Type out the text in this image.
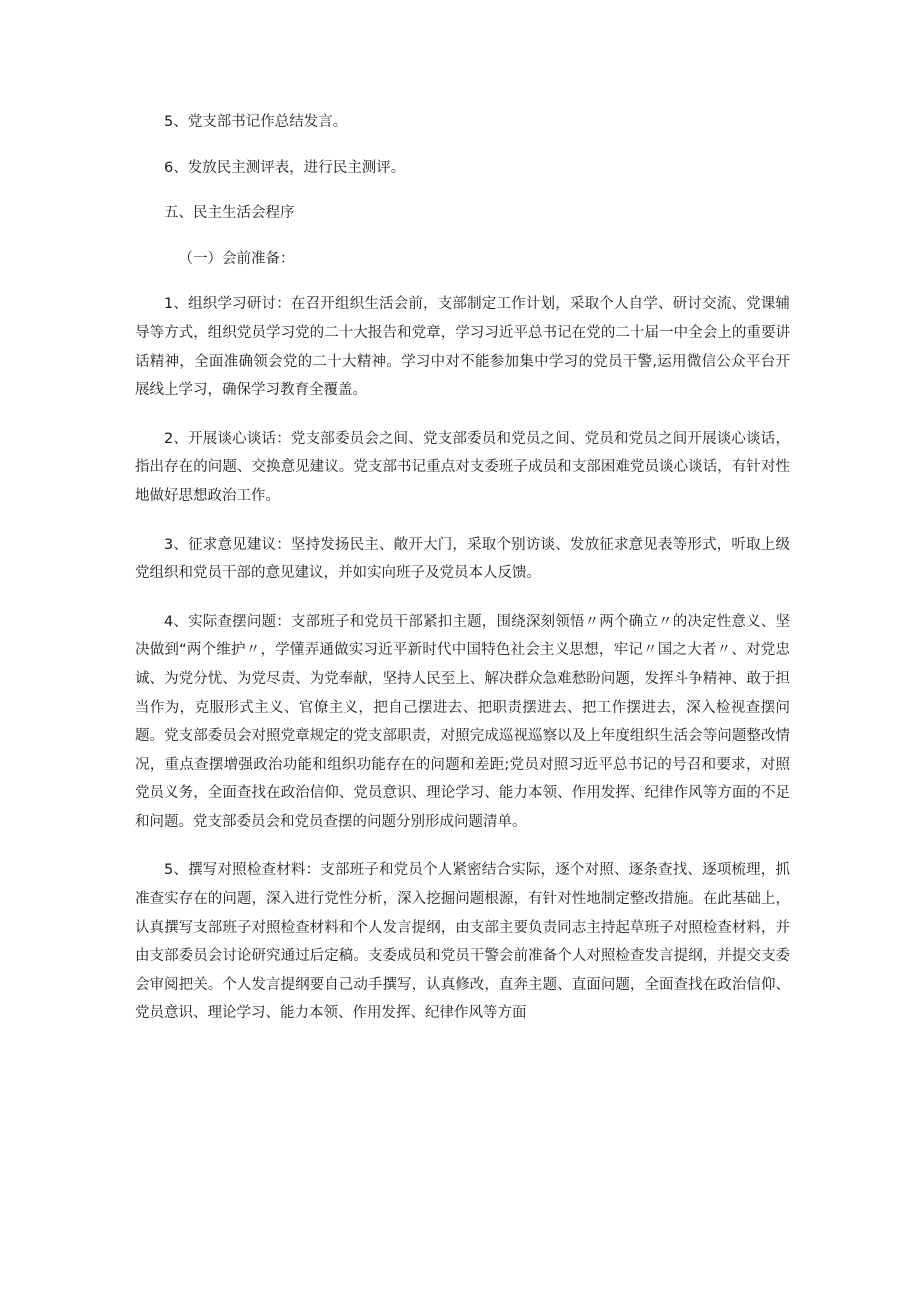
5、党支部书记作总结发言。

6、发放民主测评表，进行民主测评。

五、民主生活会程序

（一）会前准备：

1、组织学习研讨：在召开组织生活会前，支部制定工作计划，采取个人自学、研讨交流、党课辅导等方式，组织党员学习党的二十大报告和党章，学习习近平总书记在党的二十届一中全会上的重要讲话精神，全面准确领会党的二十大精神。学习中对不能参加集中学习的党员干警,运用微信公众平台开展线上学习，确保学习教育全覆盖。

2、开展谈心谈话：党支部委员会之间、党支部委员和党员之间、党员和党员之间开展谈心谈话，指出存在的问题、交换意见建议。党支部书记重点对支委班子成员和支部困难党员谈心谈话，有针对性地做好思想政治工作。

3、征求意见建议：坚持发扬民主、敞开大门，采取个别访谈、发放征求意见表等形式，听取上级党组织和党员干部的意见建议，并如实向班子及党员本人反馈。

4、实际查摆问题：支部班子和党员干部紧扣主题，围绕深刻领悟〃两个确立〃的决定性意义、坚决做到“两个维护〃，学懂弄通做实习近平新时代中国特色社会主义思想，牢记〃国之大者〃、对党忠诚、为党分忧、为党尽责、为党奉献，坚持人民至上、解决群众急难愁盼问题，发挥斗争精神、敢于担当作为，克服形式主义、官僚主义，把自己摆进去、把职责摆进去、把工作摆进去，深入检视查摆问题。党支部委员会对照党章规定的党支部职责，对照完成巡视巡察以及上年度组织生活会等问题整改情况，重点查摆增强政治功能和组织功能存在的问题和差距;党员对照习近平总书记的号召和要求，对照党员义务，全面查找在政治信仰、党员意识、理论学习、能力本领、作用发挥、纪律作风等方面的不足和问题。党支部委员会和党员查摆的问题分别形成问题清单。

5、撰写对照检查材料：支部班子和党员个人紧密结合实际，逐个对照、逐条查找、逐项梳理，抓准查实存在的问题，深入进行党性分析，深入挖掘问题根源，有针对性地制定整改措施。在此基础上，认真撰写支部班子对照检查材料和个人发言提纲，由支部主要负责同志主持起草班子对照检查材料，并由支部委员会讨论研究通过后定稿。支委成员和党员干警会前准备个人对照检查发言提纲，并提交支委会审阅把关。个人发言提纲要自己动手撰写，认真修改，直奔主题、直面问题，全面查找在政治信仰、党员意识、理论学习、能力本领、作用发挥、纪律作风等方面
